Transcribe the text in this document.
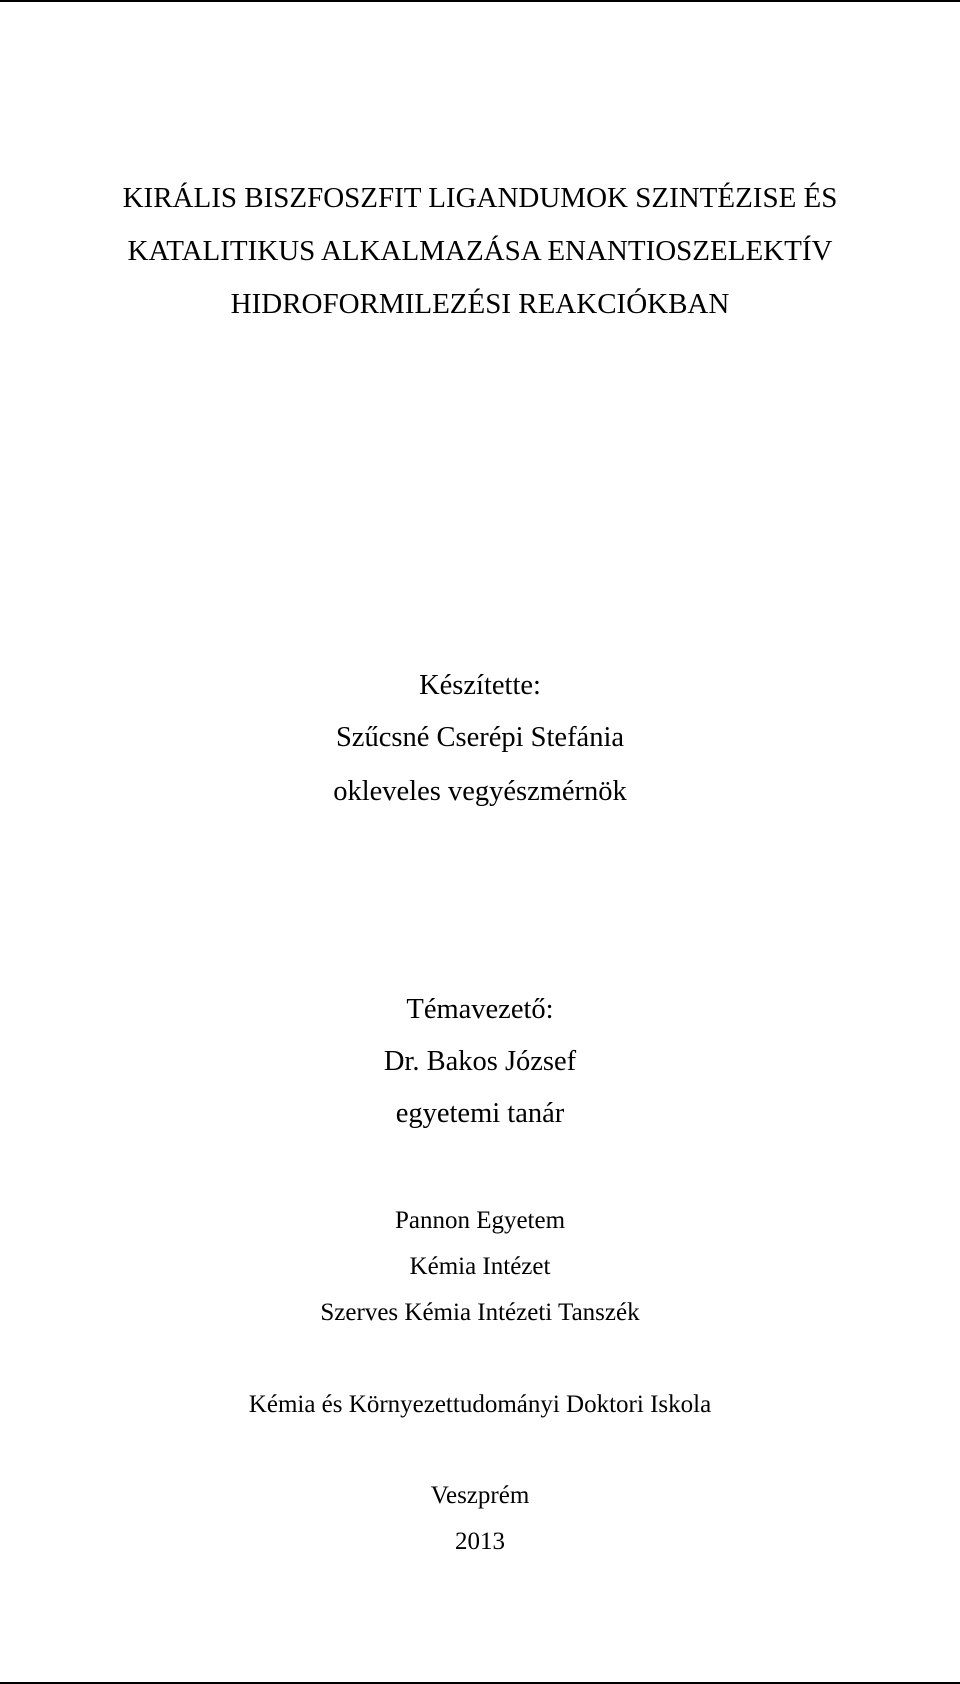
KIRÁLIS BISZFOSZFIT LIGANDUMOK SZINTÉZISE ÉS
KATALITIKUS ALKALMAZÁSA ENANTIOSZELEKTÍV
HIDROFORMILEZÉSI REAKCIÓKBAN
Készítette:
Szűcsné Cserépi Stefánia
okleveles vegyészmérnök
Témavezető:
Dr. Bakos József
egyetemi tanár
Pannon Egyetem
Kémia Intézet
Szerves Kémia Intézeti Tanszék
Kémia és Környezettudományi Doktori Iskola
Veszprém
2013
